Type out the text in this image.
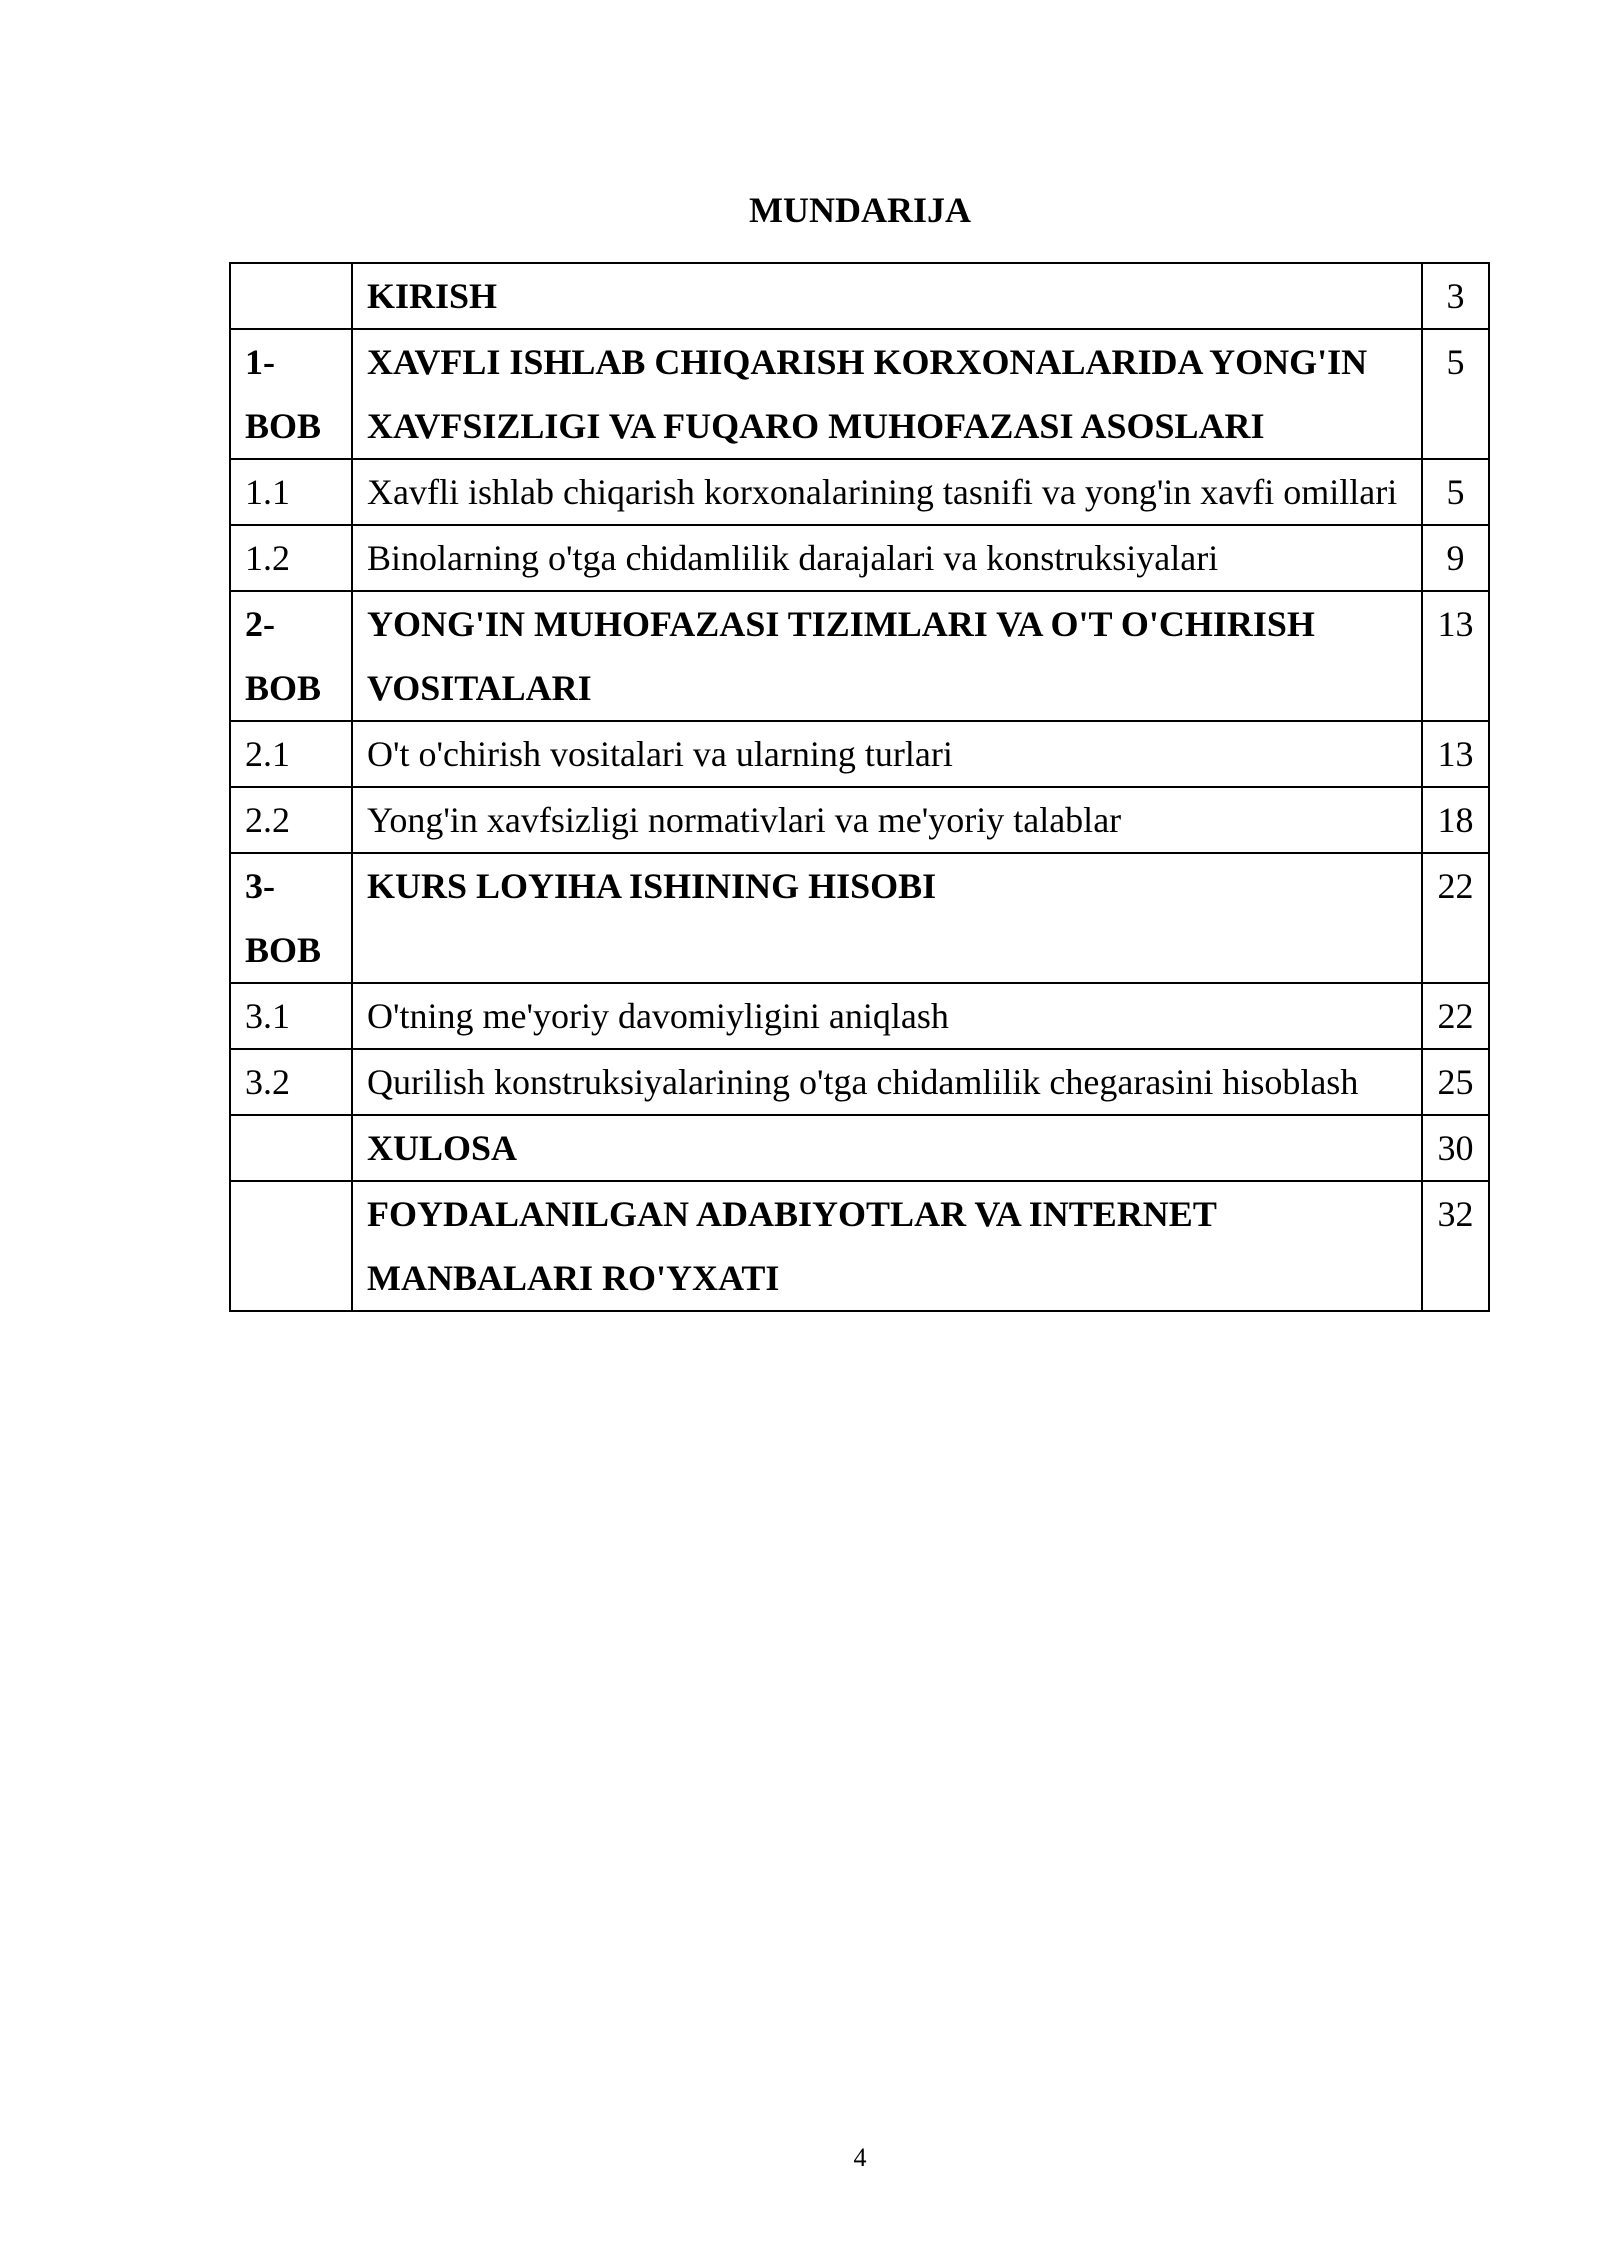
MUNDARIJA
	KIRISH	3
1-
BOB	XAVFLI ISHLAB CHIQARISH KORXONALARIDA YONG'IN XAVFSIZLIGI VA FUQARO MUHOFAZASI ASOSLARI	5
1.1	Xavfli ishlab chiqarish korxonalarining tasnifi va yong'in xavfi omillari	5
1.2	Binolarning o'tga chidamlilik darajalari va konstruksiyalari	9
2-
BOB	YONG'IN MUHOFAZASI TIZIMLARI VA O'T O'CHIRISH VOSITALARI	13
2.1	O't o'chirish vositalari va ularning turlari	13
2.2	Yong'in xavfsizligi normativlari va me'yoriy talablar	18
3-
BOB	KURS LOYIHA ISHINING HISOBI	22
3.1	O'tning me'yoriy davomiyligini aniqlash	22
3.2	Qurilish konstruksiyalarining o'tga chidamlilik chegarasini hisoblash	25
	XULOSA	30
	FOYDALANILGAN ADABIYOTLAR VA INTERNET MANBALARI RO'YXATI	32
4
